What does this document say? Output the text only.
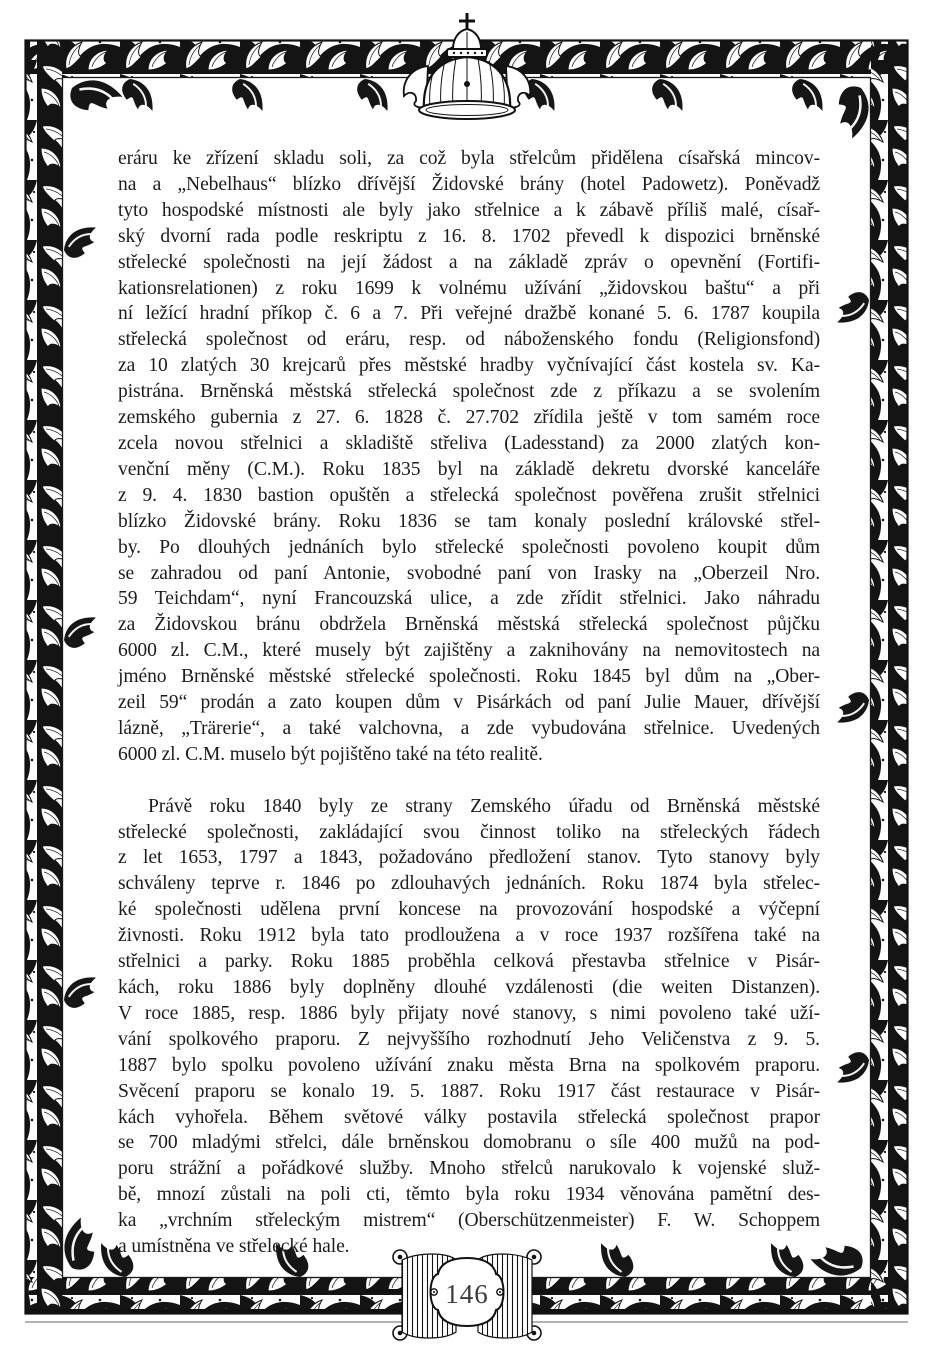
eráru ke zřízení skladu soli, za což byla střelcům přidělena císařská mincov-
na a „Nebelhaus“ blízko dřívější Židovské brány (hotel Padowetz). Poněvadž
tyto hospodské místnosti ale byly jako střelnice a k zábavě příliš malé, císař-
ský dvorní rada podle reskriptu z 16. 8. 1702 převedl k dispozici brněnské
střelecké společnosti na její žádost a na základě zpráv o opevnění (Fortifi-
kationsrelationen) z roku 1699 k volnému užívání „židovskou baštu“ a při
ní ležící hradní příkop č. 6 a 7. Při veřejné dražbě konané 5. 6. 1787 koupila
střelecká společnost od eráru, resp. od náboženského fondu (Religionsfond)
za 10 zlatých 30 krejcarů přes městské hradby vyčnívající část kostela sv. Ka-
pistrána. Brněnská městská střelecká společnost zde z příkazu a se svolením
zemského gubernia z 27. 6. 1828 č. 27.702 zřídila ještě v tom samém roce
zcela novou střelnici a skladiště střeliva (Ladesstand) za 2000 zlatých kon-
venční měny (C.M.). Roku 1835 byl na základě dekretu dvorské kanceláře
z 9. 4. 1830 bastion opuštěn a střelecká společnost pověřena zrušit střelnici
blízko Židovské brány. Roku 1836 se tam konaly poslední královské střel-
by. Po dlouhých jednáních bylo střelecké společnosti povoleno koupit dům
se zahradou od paní Antonie, svobodné paní von Irasky na „Oberzeil Nro.
59 Teichdam“, nyní Francouzská ulice, a zde zřídit střelnici. Jako náhradu
za Židovskou bránu obdržela Brněnská městská střelecká společnost půjčku
6000 zl. C.M., které musely být zajištěny a zaknihovány na nemovitostech na
jméno Brněnské městské střelecké společnosti. Roku 1845 byl dům na „Ober-
zeil 59“ prodán a zato koupen dům v Pisárkách od paní Julie Mauer, dřívější
lázně, „Trärerie“, a také valchovna, a zde vybudována střelnice. Uvedených
6000 zl. C.M. muselo být pojištěno také na této realitě.
Právě roku 1840 byly ze strany Zemského úřadu od Brněnská městské
střelecké společnosti, zakládající svou činnost toliko na střeleckých řádech
z let 1653, 1797 a 1843, požadováno předložení stanov. Tyto stanovy byly
schváleny teprve r. 1846 po zdlouhavých jednáních. Roku 1874 byla střelec-
ké společnosti udělena první koncese na provozování hospodské a výčepní
živnosti. Roku 1912 byla tato prodloužena a v roce 1937 rozšířena také na
střelnici a parky. Roku 1885 proběhla celková přestavba střelnice v Pisár-
kách, roku 1886 byly doplněny dlouhé vzdálenosti (die weiten Distanzen).
V roce 1885, resp. 1886 byly přijaty nové stanovy, s nimi povoleno také uží-
vání spolkového praporu. Z nejvyššího rozhodnutí Jeho Veličenstva z 9. 5.
1887 bylo spolku povoleno užívání znaku města Brna na spolkovém praporu.
Svěcení praporu se konalo 19. 5. 1887. Roku 1917 část restaurace v Pisár-
kách vyhořela. Během světové války postavila střelecká společnost prapor
se 700 mladými střelci, dále brněnskou domobranu o síle 400 mužů na pod-
poru strážní a pořádkové služby. Mnoho střelců narukovalo k vojenské služ-
bě, mnozí zůstali na poli cti, těmto byla roku 1934 věnována pamětní des-
ka „vrchním střeleckým mistrem“ (Oberschützenmeister) F. W. Schoppem
a umístněna ve střelecké hale.
146
